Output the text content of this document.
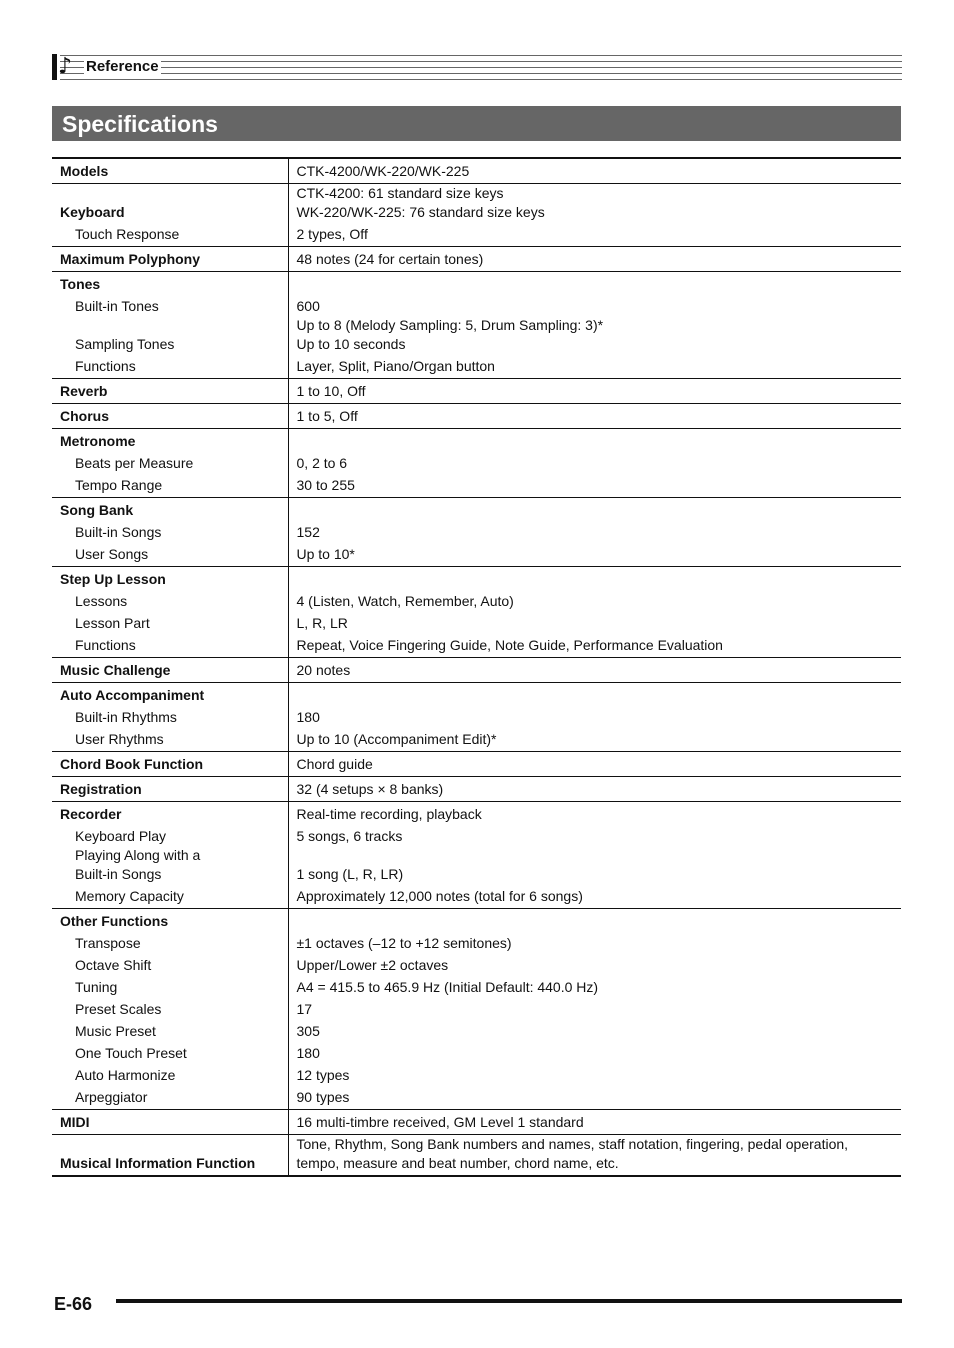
♪ Reference
Specifications
Models	CTK-4200/WK-220/WK-225

Keyboard	CTK-4200: 61 standard size keys
WK-220/WK-225: 76 standard size keys

Touch Response	2 types, Off

Maximum Polyphony	48 notes (24 for certain tones)

Tones	
Built-in Tones	600

Sampling Tones	Up to 8 (Melody Sampling: 5, Drum Sampling: 3)*
Up to 10 seconds

Functions	Layer, Split, Piano/Organ button

Reverb	1 to 10, Off

Chorus	1 to 5, Off

Metronome	
Beats per Measure	0, 2 to 6

Tempo Range	30 to 255

Song Bank	
Built-in Songs	152

User Songs	Up to 10*

Step Up Lesson	
Lessons	4 (Listen, Watch, Remember, Auto)

Lesson Part	L, R, LR

Functions	Repeat, Voice Fingering Guide, Note Guide, Performance Evaluation

Music Challenge	20 notes

Auto Accompaniment	
Built-in Rhythms	180

User Rhythms	Up to 10 (Accompaniment Edit)*

Chord Book Function	Chord guide

Registration	32 (4 setups × 8 banks)

Recorder	Real-time recording, playback

Keyboard Play	5 songs, 6 tracks

Playing Along with a
Built-in Songs	1 song (L, R, LR)

Memory Capacity	Approximately 12,000 notes (total for 6 songs)

Other Functions	
Transpose	±1 octaves (–12 to +12 semitones)

Octave Shift	Upper/Lower ±2 octaves

Tuning	A4 = 415.5 to 465.9 Hz (Initial Default: 440.0 Hz)

Preset Scales	17

Music Preset	305

One Touch Preset	180

Auto Harmonize	12 types

Arpeggiator	90 types

MIDI	16 multi-timbre received, GM Level 1 standard

Musical Information Function	Tone, Rhythm, Song Bank numbers and names, staff notation, fingering, pedal operation,
tempo, measure and beat number, chord name, etc.
E-66
